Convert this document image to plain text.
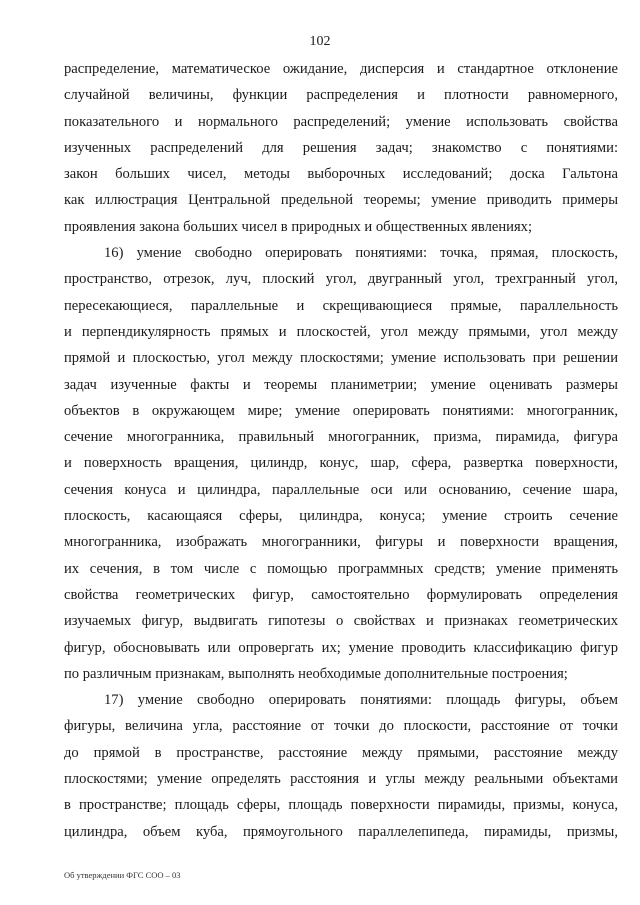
102
распределение, математическое ожидание, дисперсия и стандартное отклонение
случайной величины, функции распределения и плотности равномерного,
показательного и нормального распределений; умение использовать свойства
изученных распределений для решения задач; знакомство с понятиями:
закон больших чисел, методы выборочных исследований; доска Гальтона
как иллюстрация Центральной предельной теоремы; умение приводить примеры
проявления закона больших чисел в природных и общественных явлениях;
16) умение свободно оперировать понятиями: точка, прямая, плоскость,
пространство, отрезок, луч, плоский угол, двугранный угол, трехгранный угол,
пересекающиеся, параллельные и скрещивающиеся прямые, параллельность
и перпендикулярность прямых и плоскостей, угол между прямыми, угол между
прямой и плоскостью, угол между плоскостями; умение использовать при решении
задач изученные факты и теоремы планиметрии; умение оценивать размеры
объектов в окружающем мире; умение оперировать понятиями: многогранник,
сечение многогранника, правильный многогранник, призма, пирамида, фигура
и поверхность вращения, цилиндр, конус, шар, сфера, развертка поверхности,
сечения конуса и цилиндра, параллельные оси или основанию, сечение шара,
плоскость, касающаяся сферы, цилиндра, конуса; умение строить сечение
многогранника, изображать многогранники, фигуры и поверхности вращения,
их сечения, в том числе с помощью программных средств; умение применять
свойства геометрических фигур, самостоятельно формулировать определения
изучаемых фигур, выдвигать гипотезы о свойствах и признаках геометрических
фигур, обосновывать или опровергать их; умение проводить классификацию фигур
по различным признакам, выполнять необходимые дополнительные построения;
17) умение свободно оперировать понятиями: площадь фигуры, объем
фигуры, величина угла, расстояние от точки до плоскости, расстояние от точки
до прямой в пространстве, расстояние между прямыми, расстояние между
плоскостями; умение определять расстояния и углы между реальными объектами
в пространстве; площадь сферы, площадь поверхности пирамиды, призмы, конуса,
цилиндра, объем куба, прямоугольного параллелепипеда, пирамиды, призмы,
Об утверждении ФГС СОО – 03
